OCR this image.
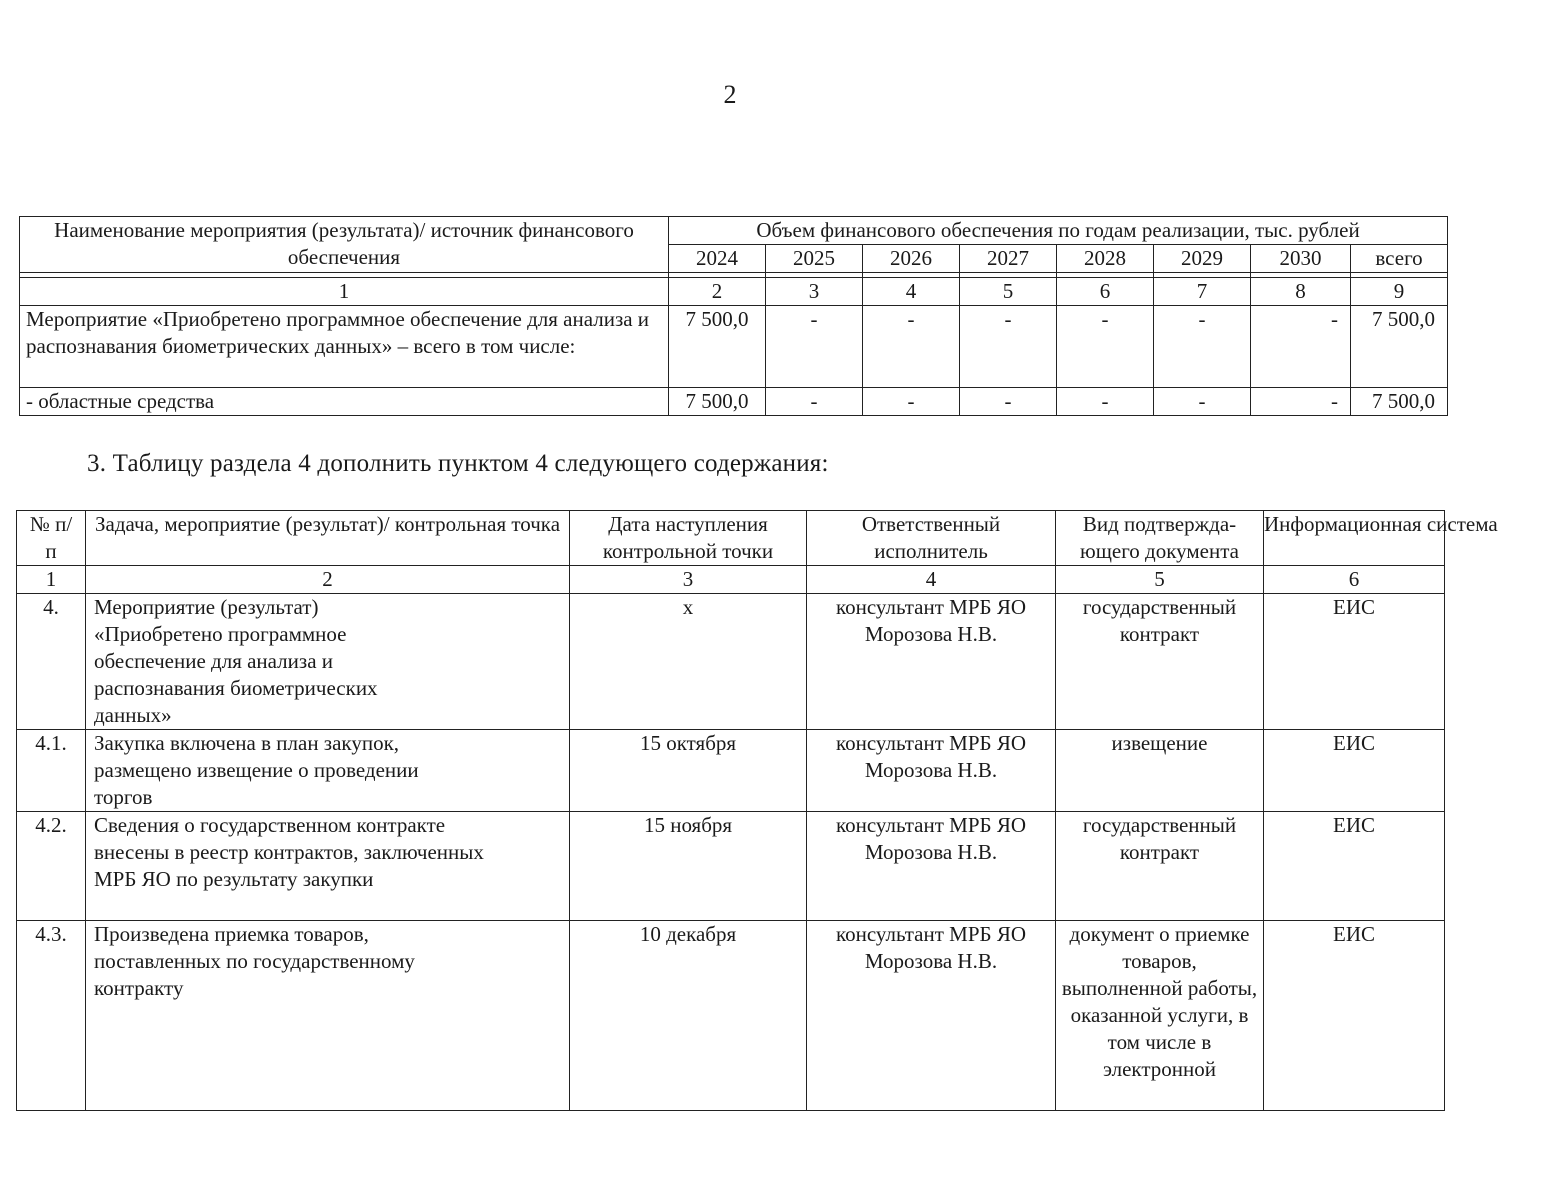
2
Наименование мероприятия (результата)/ источник финансового обеспечения	Объем финансового обеспечения по годам реализации, тыс. рублей							
	2024	2025	2026	2027	2028	2029	2030	всего

1	2	3	4	5	6	7	8	9
Мероприятие «Приобретено программное обеспечение для анализа и распознавания биометрических данных» – всего в том числе:	7 500,0	-	-	-	-	-	-	7 500,0
- областные средства	7 500,0	-	-	-	-	-	-	7 500,0
3. Таблицу раздела 4 дополнить пунктом 4 следующего содержания:
№ п/п	Задача, мероприятие (результат)/ контрольная точка	Дата наступления контрольной точки	Ответственный исполнитель	Вид подтвержда-ющего документа	Информационная система
1	2	3	4	5	6
4.	Мероприятие (результат) «Приобретено программное обеспечение для анализа и распознавания биометрических данных»	х	консультант МРБ ЯО Морозова Н.В.	государственный контракт	ЕИС
4.1.	Закупка включена в план закупок, размещено извещение о проведении торгов	15 октября	консультант МРБ ЯО Морозова Н.В.	извещение	ЕИС
4.2.	Сведения о государственном контракте внесены в реестр контрактов, заключенных МРБ ЯО по результату закупки	15 ноября	консультант МРБ ЯО Морозова Н.В.	государственный контракт	ЕИС
4.3.	Произведена приемка товаров, поставленных по государственному контракту	10 декабря	консультант МРБ ЯО Морозова Н.В.	документ о приемке товаров, выполненной работы, оказанной услуги, в том числе в электронной	ЕИС
